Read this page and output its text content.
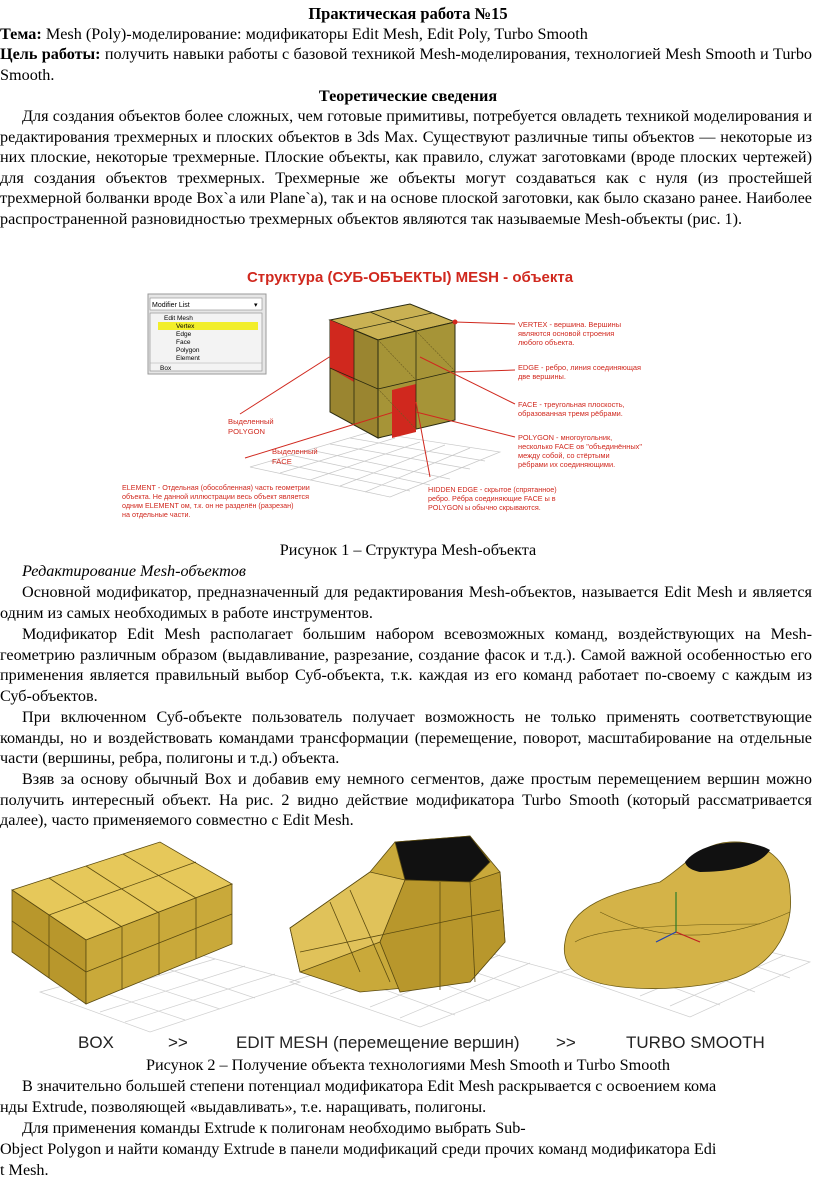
Практическая работа №15
Тема: Mesh (Poly)-моделирование: модификаторы Edit Mesh, Edit Poly, Turbo Smooth
Цель работы: получить навыки работы с базовой техникой Mesh-моделирования, технологией Mesh Smooth и Turbo Smooth.
Теоретические сведения
Для создания объектов более сложных, чем готовые примитивы, потребуется овладеть техникой моделирования и редактирования трехмерных и плоских объектов в 3ds Max. Существуют различные типы объектов — некоторые из них плоские, некоторые трехмерные. Плоские объекты, как правило, служат заготовками (вроде плоских чертежей) для создания объектов трехмерных. Трехмерные же объекты могут создаваться как с нуля (из простейшей трехмерной болванки вроде Box`a или Plane`a), так и на основе плоской заготовки, как было сказано ранее. Наиболее распространенной разновидностью трехмерных объектов являются так называемые Mesh-объекты (рис. 1).
Структура (СУБ-ОБЪЕКТЫ) MESH - объекта
Modifier List	▾
Edit Mesh
Vertex
Edge
Face
Polygon
Element
Box
VERTEX - вершина. Вершины являются основой строения любого объекта.
EDGE - ребро, линия соединяющая две вершины.
FACE - треугольная плоскость, образованная тремя рёбрами.
POLYGON - многоугольник, несколько FACE ов "объединённых" между собой, со стёртыми рёбрами их соединяющими.
Выделенный POLYGON
Выделенный FACE
ELEMENT - Отдельная (обособленная) часть геометрии объекта. Не данной иллюстрации весь объект является одним ELEMENT ом, т.к. он не разделён (разрезан) на отдельные части.
HIDDEN EDGE - скрытое (спрятанное) ребро. Рёбра соединяющие FACE ы в POLYGON ы обычно скрываются.
Рисунок 1 – Структура Mesh-объекта
Редактирование Mesh-объектов
Основной модификатор, предназначенный для редактирования Mesh-объектов, называется Edit Mesh и является одним из самых необходимых в работе инструментов.
Модификатор Edit Mesh располагает большим набором всевозможных команд, воздействующих на Mesh-геометрию различным образом (выдавливание, разрезание, создание фасок и т.д.). Самой важной особенностью его применения является правильный выбор Суб-объекта, т.к. каждая из его команд работает по-своему с каждым из Суб-объектов.
При включенном Суб-объекте пользователь получает возможность не только применять соответствующие команды, но и воздействовать командами трансформации (перемещение, поворот, масштабирование на отдельные части (вершины, ребра, полигоны и т.д.) объекта.
Взяв за основу обычный Box и добавив ему немного сегментов, даже простым перемещением вершин можно получить интересный объект. На рис. 2 видно действие модификатора Turbo Smooth (который рассматривается далее), часто применяемого совместно с Edit Mesh.
BOX	>>	EDIT MESH (перемещение вершин) >>	TURBO SMOOTH
Рисунок 2 – Получение объекта технологиями Mesh Smooth и Turbo Smooth
В значительно большей степени потенциал модификатора Edit Mesh раскрывается с освоением кома
нды Extrude, позволяющей «выдавливать», т.е. наращивать, полигоны.
Для применения команды Extrude к полигонам необходимо выбрать Sub-
Object Polygon и найти команду Extrude в панели модификаций среди прочих команд модификатора Edi
t Mesh.
